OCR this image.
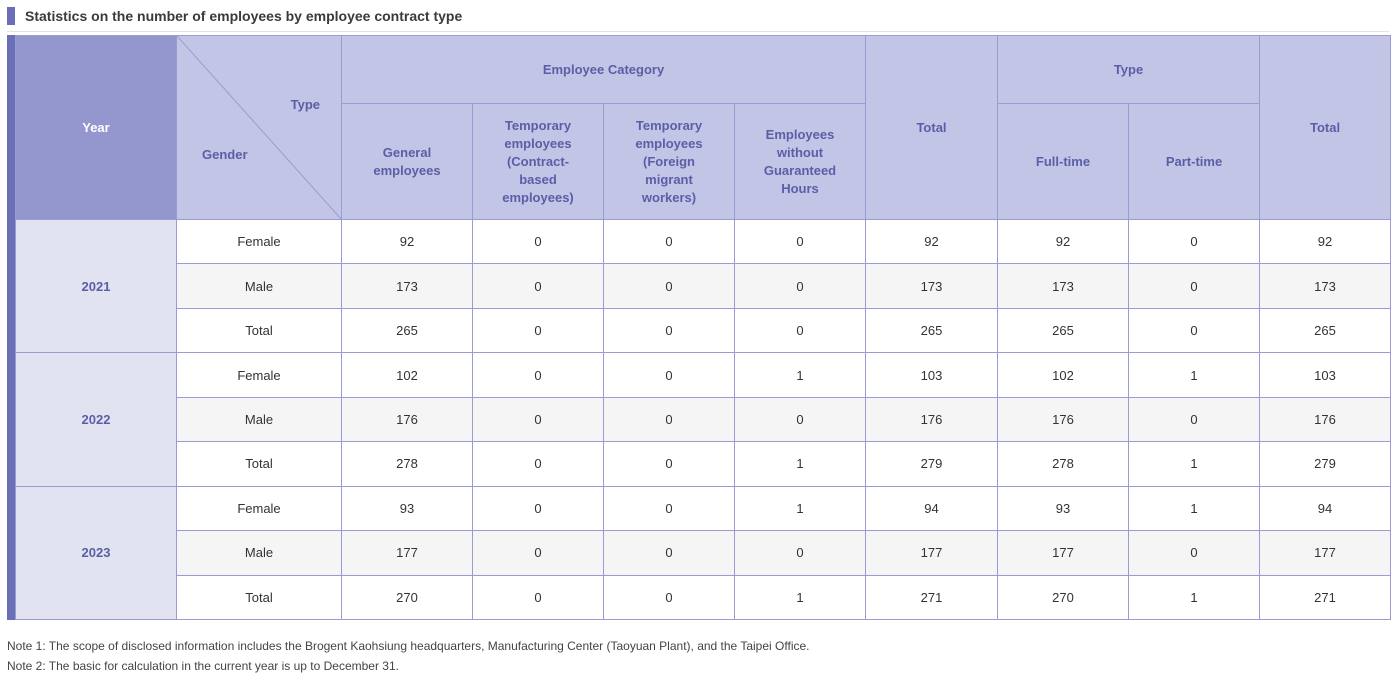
Statistics on the number of employees by employee contract type
Year	Type
Gender	Employee Category				Total	Type		Total
		General employees	Temporary employees (Contract-based employees)	Temporary employees (Foreign migrant workers)	Employees without Guaranteed Hours		Full-time	Part-time	
2021	Female	92	0	0	0	92	92	0	92
	Male	173	0	0	0	173	173	0	173
	Total	265	0	0	0	265	265	0	265
2022	Female	102	0	0	1	103	102	1	103
	Male	176	0	0	0	176	176	0	176
	Total	278	0	0	1	279	278	1	279
2023	Female	93	0	0	1	94	93	1	94
	Male	177	0	0	0	177	177	0	177
	Total	270	0	0	1	271	270	1	271
Note 1: The scope of disclosed information includes the Brogent Kaohsiung headquarters, Manufacturing Center (Taoyuan Plant), and the Taipei Office.
Note 2: The basic for calculation in the current year is up to December 31.
